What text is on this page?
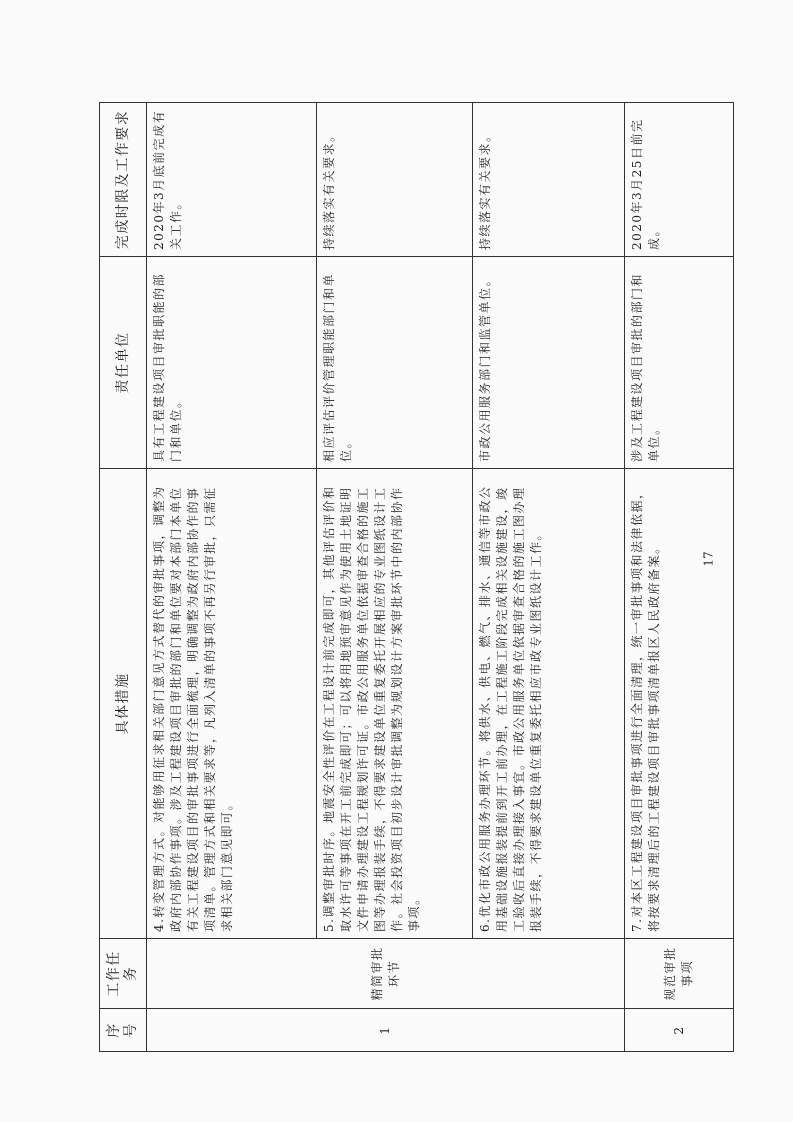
序号	工作任务	具体措施	责任单位	完成时限及工作要求
1	精简审批环节	4.转变管理方式。对能够用征求相关部门意见方式替代的审批事项，调整为政府内部协作事项。涉及工程建设项目审批的部门和单位要对本部门本单位有关工程建设项目的审批事项进行全面梳理，明确调整为政府内部协作的事项清单。管理方式和相关要求等，凡列入清单的事项不再另行审批，只需征求相关部门意见即可。	具有工程建设项目审批职能的部门和单位。	2020年3月底前完成有关工作。
		5.调整审批时序。地震安全性评价在工程设计前完成即可，其他评估评价和取水许可等事项在开工前完成即可；可以将用地预审意见作为使用土地证明文件申请办理建设工程规划许可证。市政公用服务单位依据审查合格的施工图等办理报装手续，不得要求建设单位重复委托开展相应的专业图纸设计工作。社会投资项目初步设计审批调整为规划设计方案审批环节中的内部协作事项。	相应评估评价管理职能部门和单位。	持续落实有关要求。
		6.优化市政公用服务办理环节。将供水、供电、燃气、排水、通信等市政公用基础设施报装提前到开工前办理，在工程施工阶段完成相关设施建设，竣工验收后直接办理接入事宜。市政公用服务单位依据审查合格的施工图办理报装手续，不得要求建设单位重复委托相应市政专业图纸设计工作。	市政公用服务部门和监管单位。	持续落实有关要求。
2	规范审批事项	7.对本区工程建设项目审批事项进行全面清理，统一审批事项和法律依据，将按要求清理后的工程建设项目审批事项清单报区人民政府备案。	涉及工程建设项目审批的部门和单位。	2020年3月25日前完成。
17
